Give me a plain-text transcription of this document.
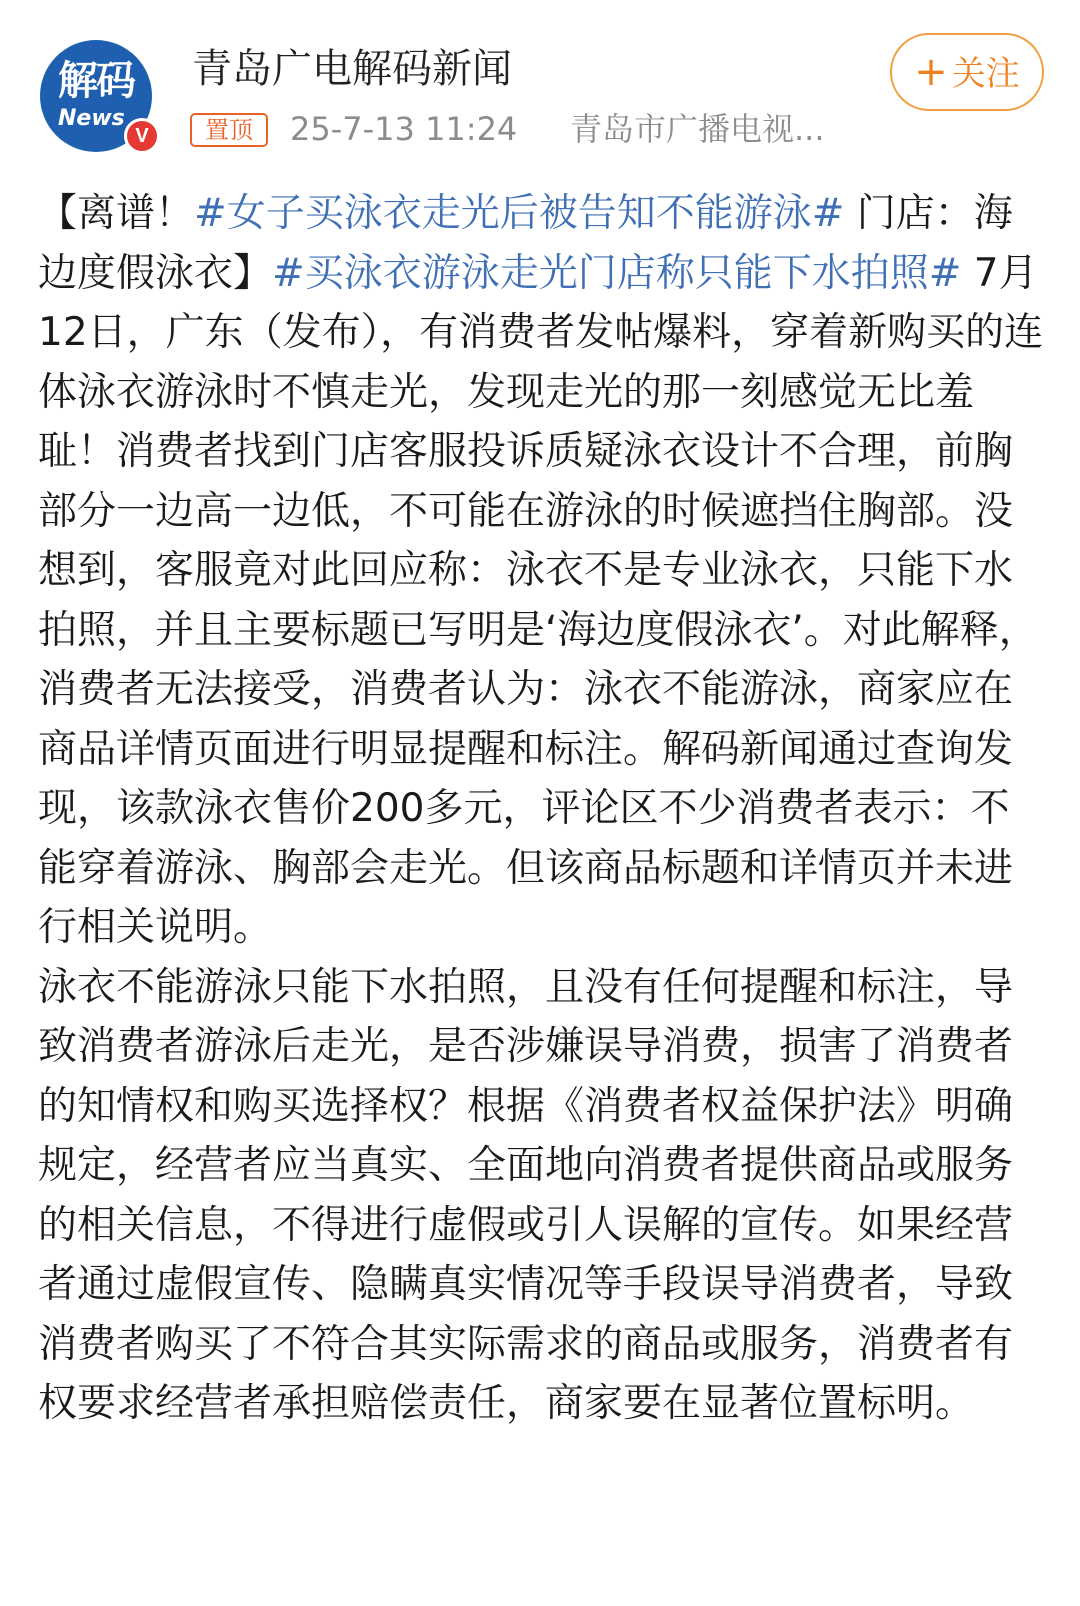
解码
News
V
青岛广电解码新闻
置顶	25-7-13 11:24 青岛市广播电视...
+ 关注

【离谱！#女子买泳衣走光后被告知不能游泳# 门店：海边度假泳衣】#买泳衣游泳走光门店称只能下水拍照# 7月12日，广东（发布），有消费者发帖爆料，穿着新购买的连体泳衣游泳时不慎走光，发现走光的那一刻感觉无比羞耻！消费者找到门店客服投诉质疑泳衣设计不合理，前胸部分一边高一边低，不可能在游泳的时候遮挡住胸部。没想到，客服竟对此回应称：泳衣不是专业泳衣，只能下水拍照，并且主要标题已写明是‘海边度假泳衣’。对此解释，消费者无法接受，消费者认为：泳衣不能游泳，商家应在商品详情页面进行明显提醒和标注。解码新闻通过查询发现，该款泳衣售价200多元，评论区不少消费者表示：不能穿着游泳、胸部会走光。但该商品标题和详情页并未进行相关说明。

泳衣不能游泳只能下水拍照，且没有任何提醒和标注，导致消费者游泳后走光，是否涉嫌误导消费，损害了消费者的知情权和购买选择权？根据《消费者权益保护法》明确规定，经营者应当真实、全面地向消费者提供商品或服务的相关信息，不得进行虚假或引人误解的宣传。如果经营者通过虚假宣传、隐瞒真实情况等手段误导消费者，导致消费者购买了不符合其实际需求的商品或服务，消费者有权要求经营者承担赔偿责任，商家要在显著位置标明。
